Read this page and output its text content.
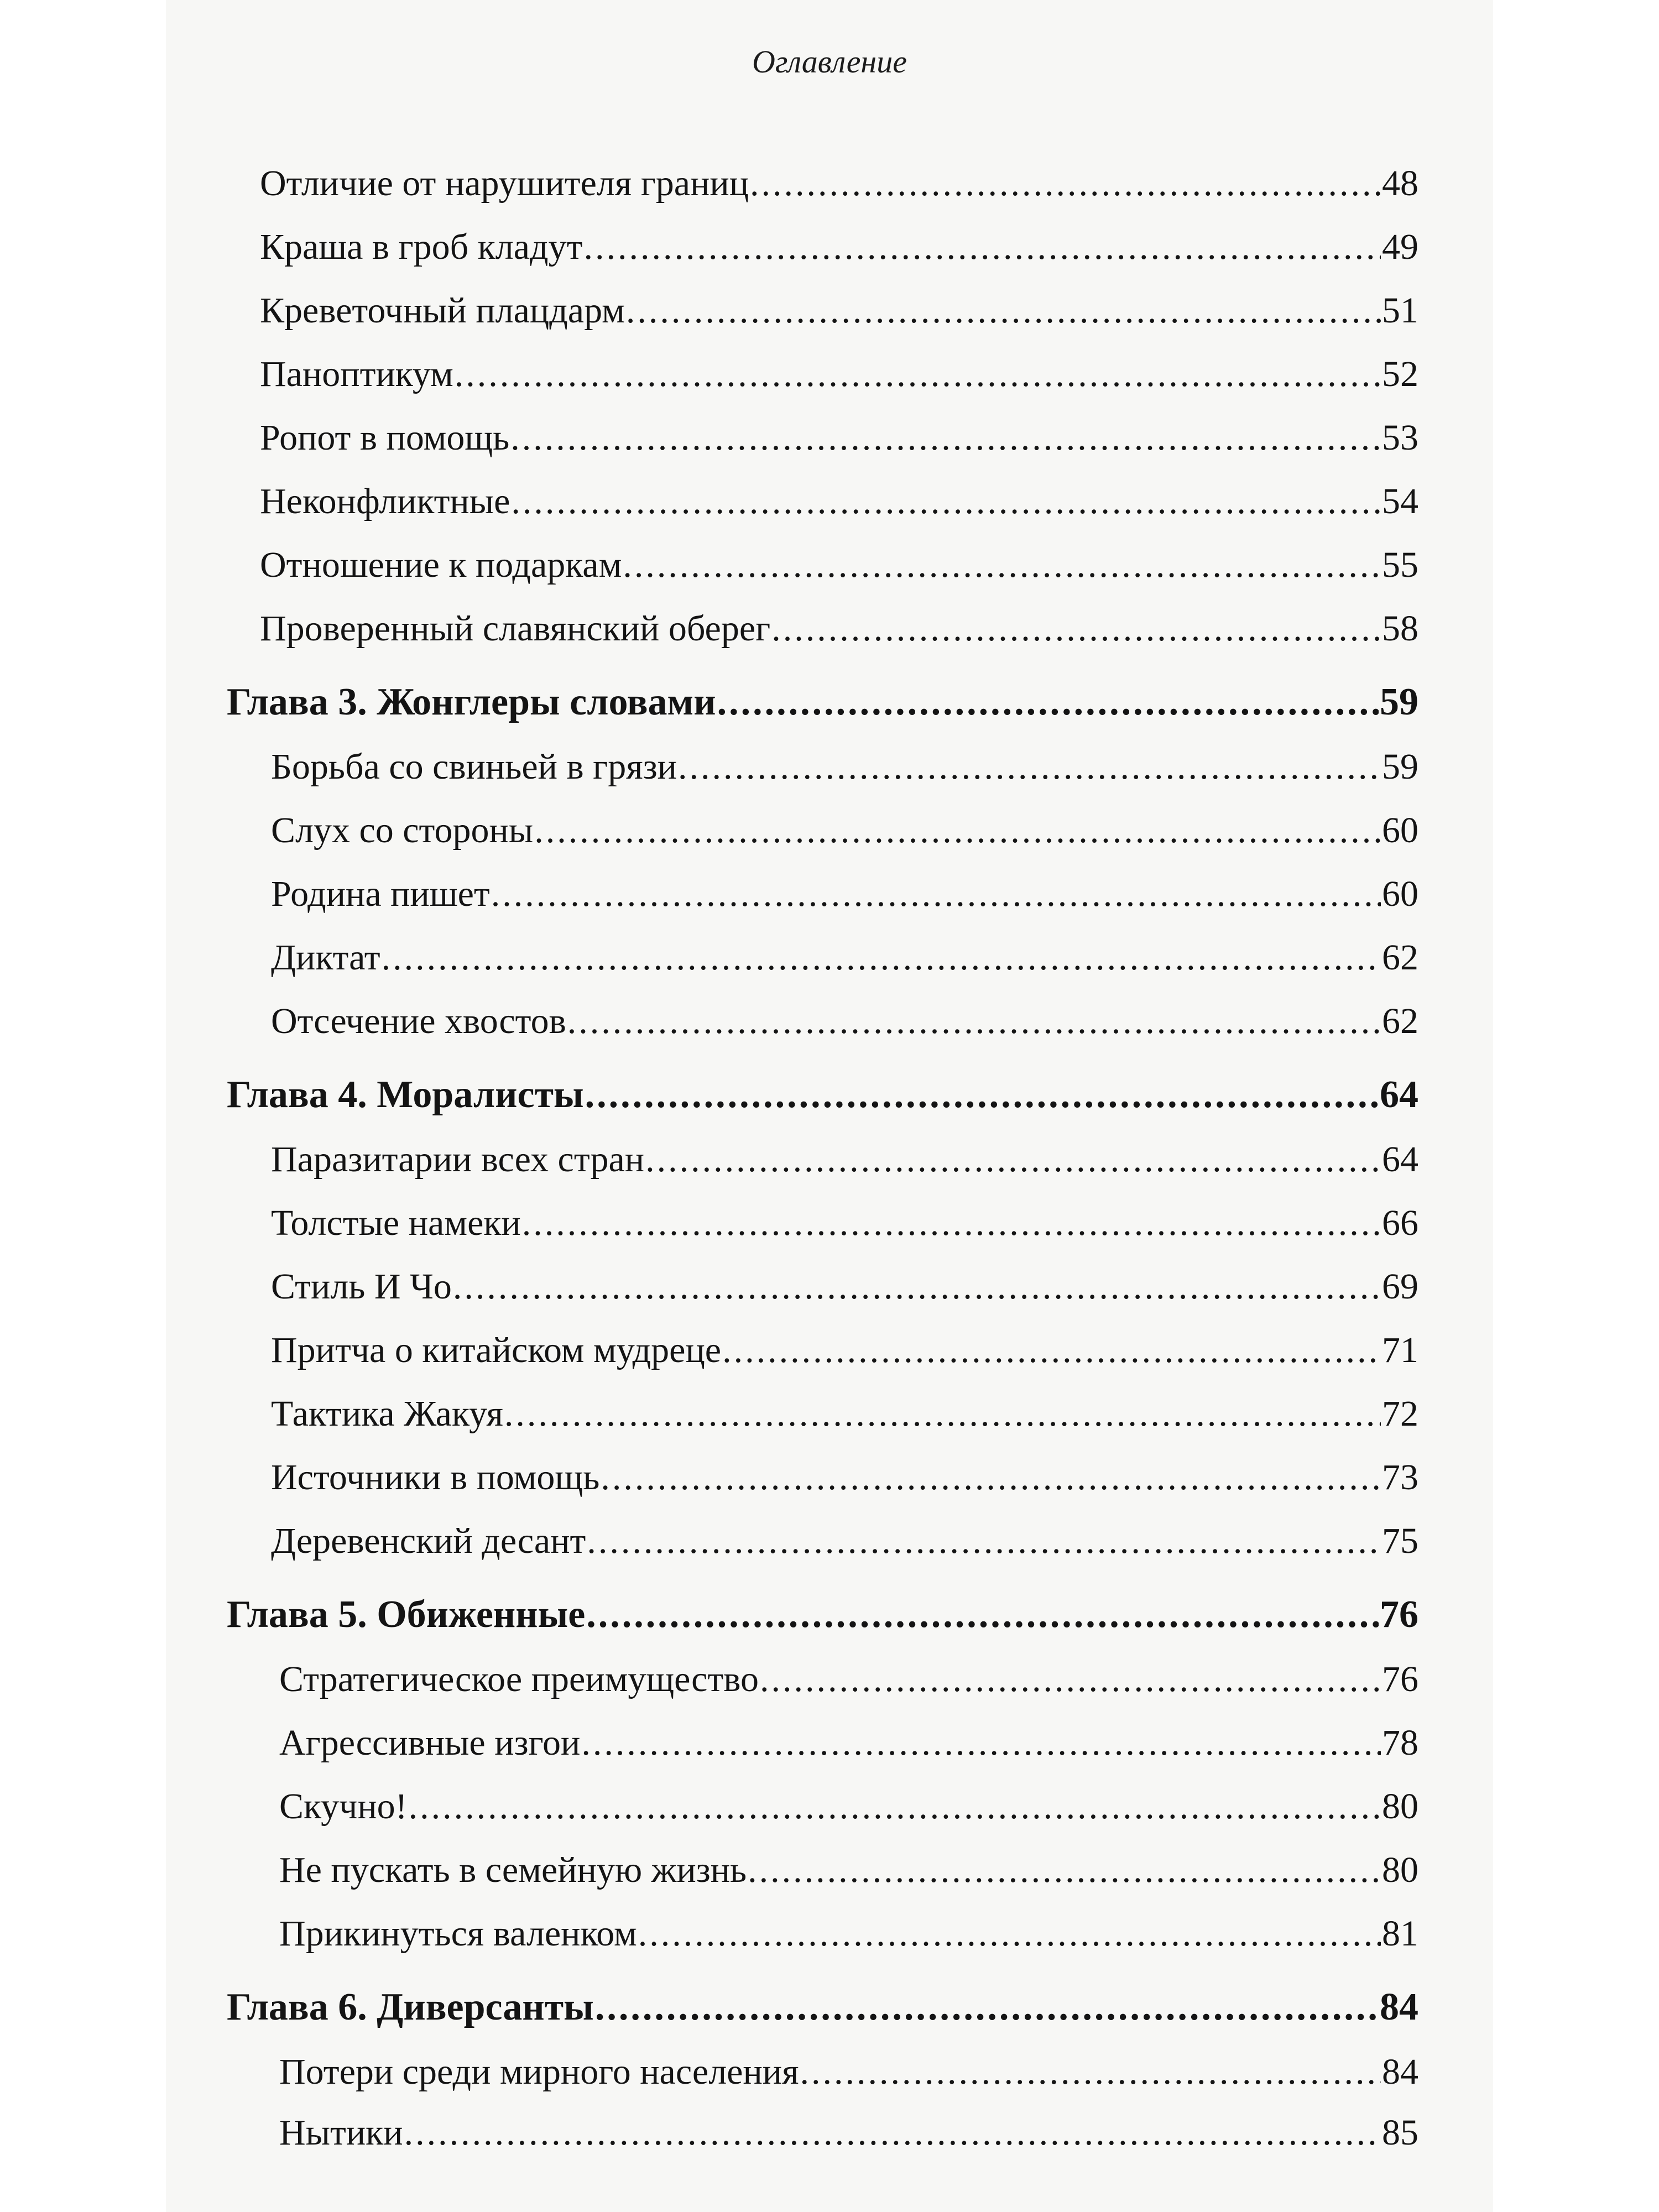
Оглавление
Отличие от нарушителя границ .....	48
Краша в гроб кладут .....	49
Креветочный плацдарм .....	51
Паноптикум .....	52
Ропот в помощь .....	53
Неконфликтные .....	54
Отношение к подаркам .....	55
Проверенный славянский оберег .....	58
Глава 3. Жонглеры словами .....	59
Борьба со свиньей в грязи .....	59
Слух со стороны .....	60
Родина пишет .....	60
Диктат .....	62
Отсечение хвостов .....	62
Глава 4. Моралисты .....	64
Паразитарии всех стран .....	64
Толстые намеки .....	66
Стиль И Чо .....	69
Притча о китайском мудреце .....	71
Тактика Жакуя .....	72
Источники в помощь .....	73
Деревенский десант .....	75
Глава 5. Обиженные .....	76
Стратегическое преимущество .....	76
Агрессивные изгои .....	78
Скучно! .....	80
Не пускать в семейную жизнь .....	80
Прикинуться валенком .....	81
Глава 6. Диверсанты .....	84
Потери среди мирного населения .....	84
Нытики .....	85
